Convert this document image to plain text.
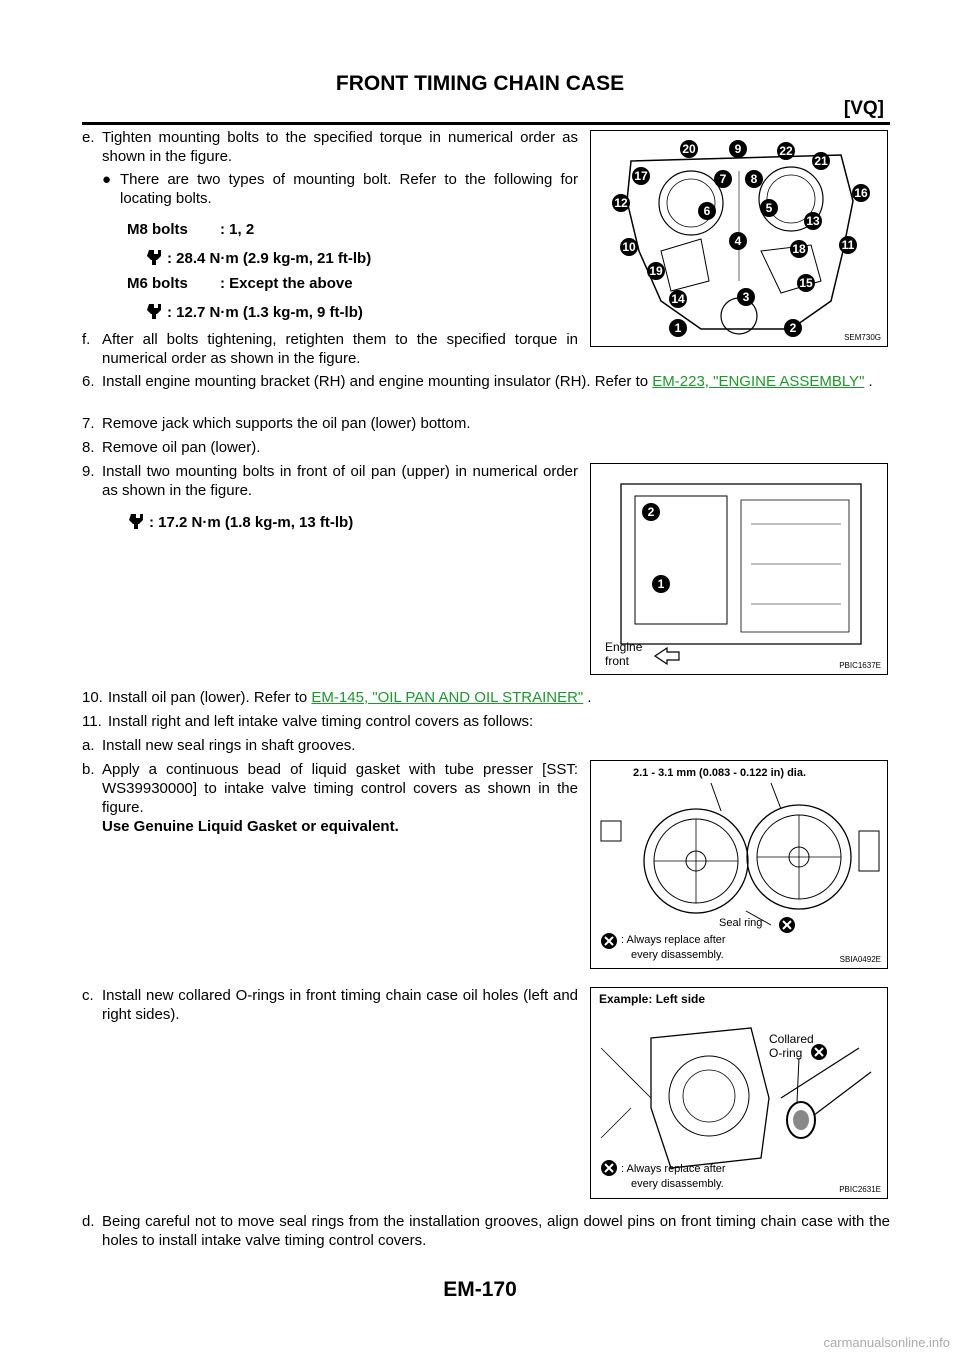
FRONT TIMING CHAIN CASE
[VQ]
e. Tighten mounting bolts to the specified torque in numerical order as shown in the figure.
● There are two types of mounting bolt. Refer to the following for locating bolts.
M8 bolts : 1, 2
: 28.4 N·m (2.9 kg-m, 21 ft-lb)
M6 bolts : Except the above
: 12.7 N·m (1.3 kg-m, 9 ft-lb)
20	9	22
21
17	7 8
16
12
6	5
13
4
10	18	11
19
15
3
14
1	2
SEM730G
f. After all bolts tightening, retighten them to the specified torque in numerical order as shown in the figure.
6. Install engine mounting bracket (RH) and engine mounting insulator (RH). Refer to EM-223, "ENGINE ASSEMBLY" .
7. Remove jack which supports the oil pan (lower) bottom.
8. Remove oil pan (lower).
9. Install two mounting bolts in front of oil pan (upper) in numerical order as shown in the figure.
: 17.2 N·m (1.8 kg-m, 13 ft-lb)
2
1
Engine
front	PBIC1637E
10. Install oil pan (lower). Refer to EM-145, "OIL PAN AND OIL STRAINER" .
11. Install right and left intake valve timing control covers as follows:
a. Install new seal rings in shaft grooves.
b. Apply a continuous bead of liquid gasket with tube presser [SST: WS39930000] to intake valve timing control covers as shown in the figure.
Use Genuine Liquid Gasket or equivalent.
2.1 - 3.1 mm (0.083 - 0.122 in) dia.
Seal ring
: Always replace after
every disassembly.	SBIA0492E
c. Install new collared O-rings in front timing chain case oil holes (left and right sides).
Example: Left side
Collared
O-ring
: Always replace after
every disassembly.	PBIC2631E
d. Being careful not to move seal rings from the installation grooves, align dowel pins on front timing chain case with the holes to install intake valve timing control covers.
EM-170
carmanualsonline.info
